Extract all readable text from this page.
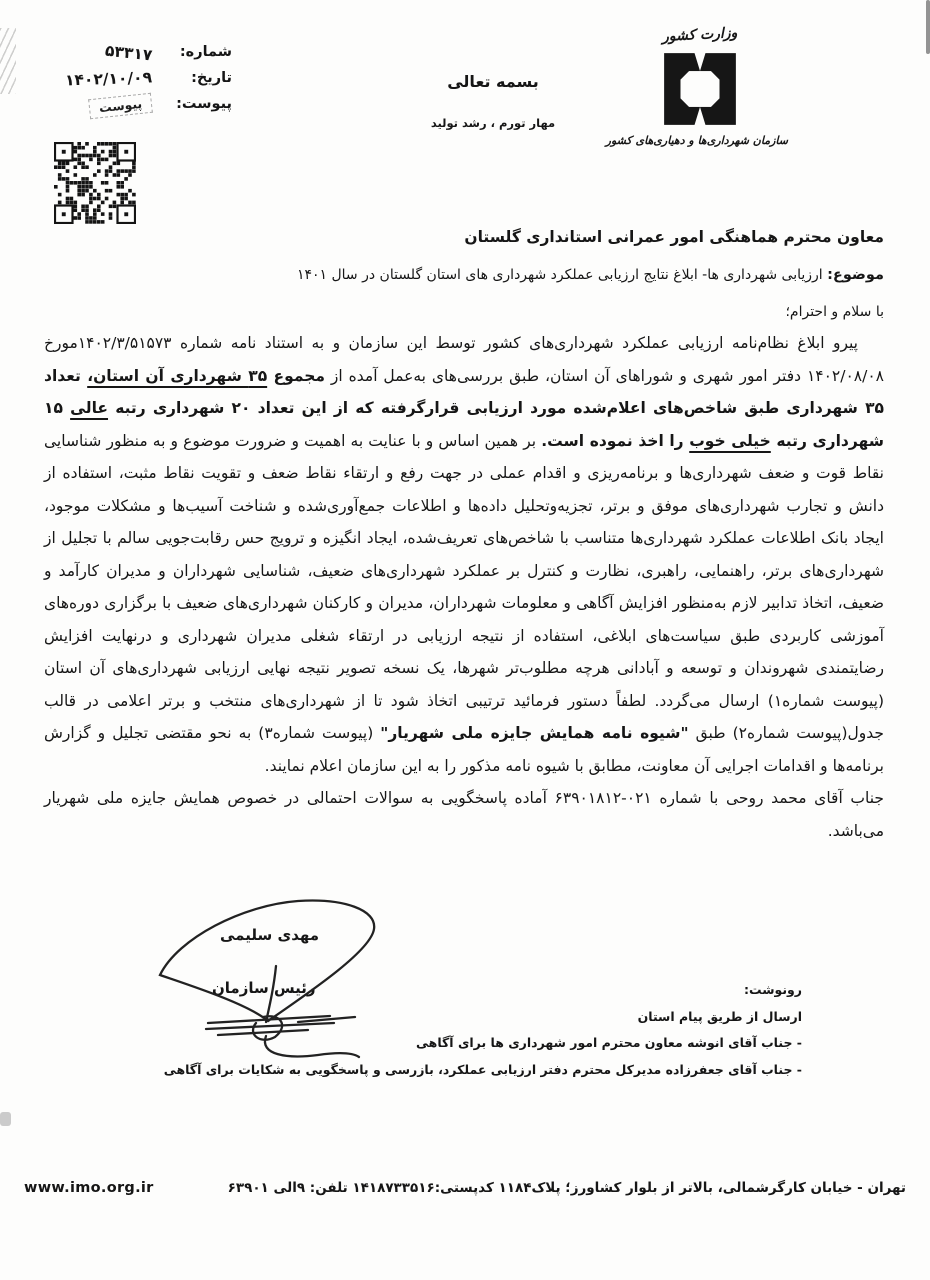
شماره:
۵۳۳۱۷
تاریخ:
۱۴۰۲/۱۰/۰۹
پیوست:
پیوست
بسمه تعالی
مهار تورم ، رشد تولید
وزارت کشور
سازمان شهرداری‌ها و دهیاری‌های کشور
معاون محترم هماهنگی امور عمرانی استانداری گلستان
موضوع: ارزیابی شهرداری ها- ابلاغ نتایج ارزیابی عملکرد شهرداری های استان گلستان در سال ۱۴۰۱
با سلام و احترام؛

پیرو ابلاغ نظام‌نامه ارزیابی عملکرد شهرداری‌های کشور توسط این سازمان و به استناد نامه شماره ۱۴۰۲/۳/۵۱۵۷۳مورخ ۱۴۰۲/۰۸/۰۸ دفتر امور شهری و شوراهای آن استان، طبق بررسی‌های به‌عمل آمده از مجموع ۳۵ شهرداری آن استان، تعداد ۳۵ شهرداری طبق شاخص‌های اعلام‌شده مورد ارزیابی قرارگرفته که از این تعداد ۲۰ شهرداری رتبه عالی ۱۵ شهرداری رتبه خیلی خوب را اخذ نموده است. بر همین اساس و با عنایت به اهمیت و ضرورت موضوع و به منظور شناسایی نقاط قوت و ضعف شهرداری‌ها و برنامه‌ریزی و اقدام عملی در جهت رفع و ارتقاء نقاط ضعف و تقویت نقاط مثبت، استفاده از دانش و تجارب شهرداری‌های موفق و برتر، تجزیه‌وتحلیل داده‌ها و اطلاعات جمع‌آوری‌شده و شناخت آسیب‌ها و مشکلات موجود، ایجاد بانک اطلاعات عملکرد شهرداری‌ها متناسب با شاخص‌های تعریف‌شده، ایجاد انگیزه و ترویج حس رقابت‌جویی سالم با تجلیل از شهرداری‌های برتر، راهنمایی، راهبری، نظارت و کنترل بر عملکرد شهرداری‌های ضعیف، شناسایی شهرداران و مدیران کارآمد و ضعیف، اتخاذ تدابیر لازم به‌منظور افزایش آگاهی و معلومات شهرداران، مدیران و کارکنان شهرداری‌های ضعیف با برگزاری دوره‌های آموزشی کاربردی طبق سیاست‌های ابلاغی، استفاده از نتیجه ارزیابی در ارتقاء شغلی مدیران شهرداری و درنهایت افزایش رضایتمندی شهروندان و توسعه و آبادانی هرچه مطلوب‌تر شهرها، یک نسخه تصویر نتیجه نهایی ارزیابی شهرداری‌های آن استان (پیوست شماره۱) ارسال می‌گردد. لطفاً دستور فرمائید ترتیبی اتخاذ شود تا از شهرداری‌های منتخب و برتر اعلامی در قالب جدول(پیوست شماره۲) طبق "شیوه نامه همایش جایزه ملی شهریار" (پیوست شماره۳) به نحو مقتضی تجلیل و گزارش برنامه‌ها و اقدامات اجرایی آن معاونت، مطابق با شیوه نامه مذکور را به این سازمان اعلام نمایند.

جناب آقای محمد روحی با شماره ۰۲۱-۶۳۹۰۱۸۱۲ آماده پاسخگویی به سوالات احتمالی در خصوص همایش جایزه ملی شهریار می‌باشد.

مهدی سلیمی
رئیس سازمان	رونوشت:
ارسال از طریق پیام استان
- جناب آقای انوشه معاون محترم امور شهرداری ها برای آگاهی
- جناب آقای جعفرزاده مدیرکل محترم دفتر ارزیابی عملکرد، بازرسی و پاسخگویی به شکایات برای آگاهی
تهران - خیابان کارگرشمالی، بالاتر از بلوار کشاورز؛ پلاک۱۱۸۴ کدپستی:۱۴۱۸۷۳۳۵۱۶ تلفن: ۹الی ۶۳۹۰۱
www.imo.org.ir
